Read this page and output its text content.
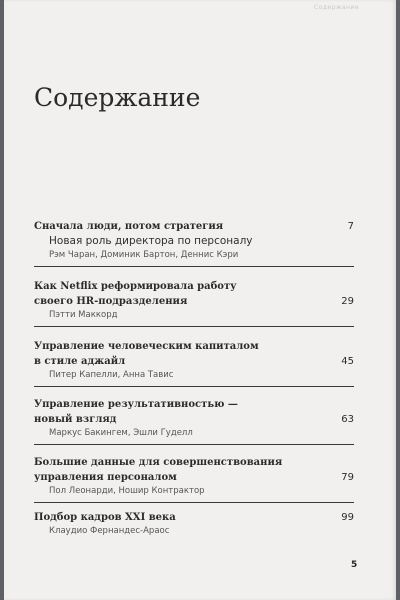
Содержание
Содержание
Сначала люди, потом стратегия	7
Новая роль директора по персоналу
Рэм Чаран, Доминик Бартон, Деннис Кэри
Как Netflix реформировала работу
своего HR-подразделения	29
Пэтти Маккорд
Управление человеческим капиталом
в стиле аджайл	45
Питер Капелли, Анна Тавис
Управление результативностью —
новый взгляд	63
Маркус Бакингем, Эшли Гуделл
Большие данные для совершенствования
управления персоналом	79
Пол Леонарди, Ношир Контрактор
Подбор кадров XXI века	99
Клаудио Фернандес-Араос
5
